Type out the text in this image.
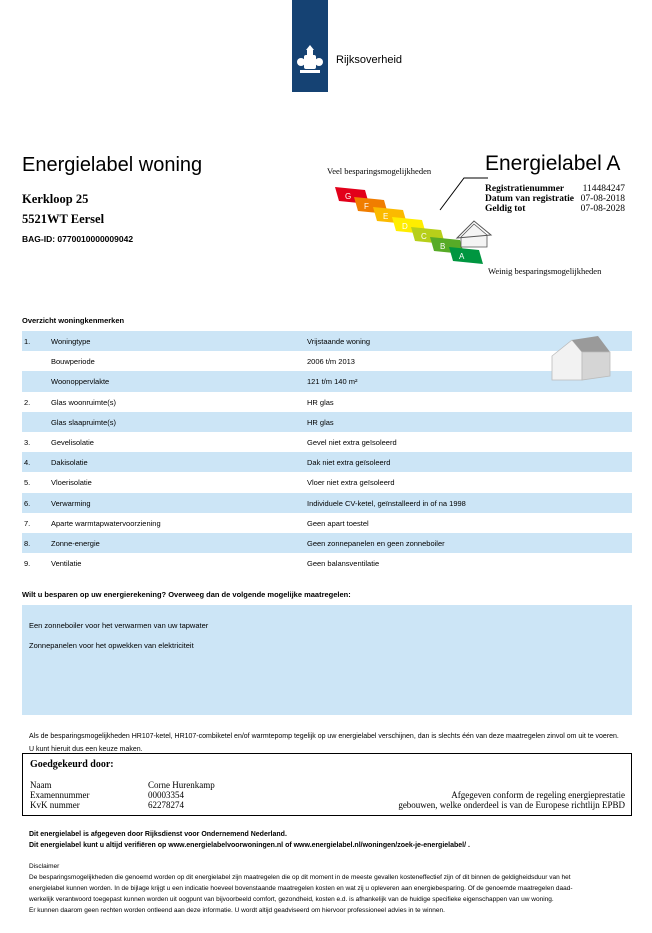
Rijksoverheid
Energielabel woning
Kerkloop 25
5521WT Eersel
BAG-ID: 0770010000009042
Veel besparingsmogelijkheden
G
F
E
D
C
B
A
Weinig besparingsmogelijkheden
Energielabel A
Registratienummer 114484247
Datum van registratie 07-08-2018
Geldig tot	07-08-2028
Overzicht woningkenmerken
1.	Woningtype	Vrijstaande woning
Bouwperiode	2006 t/m 2013
Woonoppervlakte	121 t/m 140 m²
2.	Glas woonruimte(s)	HR glas
Glas slaapruimte(s)	HR glas
3.	Gevelisolatie	Gevel niet extra geïsoleerd
4.	Dakisolatie	Dak niet extra geïsoleerd
5.	Vloerisolatie	Vloer niet extra geïsoleerd
6.	Verwarming	Individuele CV-ketel, geïnstalleerd in of na 1998
7.	Aparte warmtapwatervoorziening	Geen apart toestel
8.	Zonne-energie	Geen zonnepanelen en geen zonneboiler
9.	Ventilatie	Geen balansventilatie
Wilt u besparen op uw energierekening? Overweeg dan de volgende mogelijke maatregelen:
Een zonneboiler voor het verwarmen van uw tapwater
Zonnepanelen voor het opwekken van elektriciteit
Als de besparingsmogelijkheden HR107-ketel, HR107-combiketel en/of warmtepomp tegelijk op uw energielabel verschijnen, dan is slechts één van deze maatregelen zinvol om uit te voeren. U kunt hieruit dus een keuze maken.
Goedgekeurd door:
Naam	Corne Hurenkamp
Examennummer	00003354
KvK nummer	62278274
Afgegeven conform de regeling energieprestatie
gebouwen, welke onderdeel is van de Europese richtlijn EPBD
Dit energielabel is afgegeven door Rijksdienst voor Ondernemend Nederland.
Dit energielabel kunt u altijd verifiëren op www.energielabelvoorwoningen.nl of www.energielabel.nl/woningen/zoek-je-energielabel/ .
Disclaimer
De besparingsmogelijkheden die genoemd worden op dit energielabel zijn maatregelen die op dit moment in de meeste gevallen kosteneffectief zijn of dit binnen de geldigheidsduur van het
energielabel kunnen worden. In de bijlage krijgt u een indicatie hoeveel bovenstaande maatregelen kosten en wat zij u opleveren aan energiebesparing. Of de genoemde maatregelen daad-
werkelijk verantwoord toegepast kunnen worden uit oogpunt van bijvoorbeeld comfort, gezondheid, kosten e.d. is afhankelijk van de huidige specifieke eigenschappen van uw woning.
Er kunnen daarom geen rechten worden ontleend aan deze informatie. U wordt altijd geadviseerd om hiervoor professioneel advies in te winnen.
